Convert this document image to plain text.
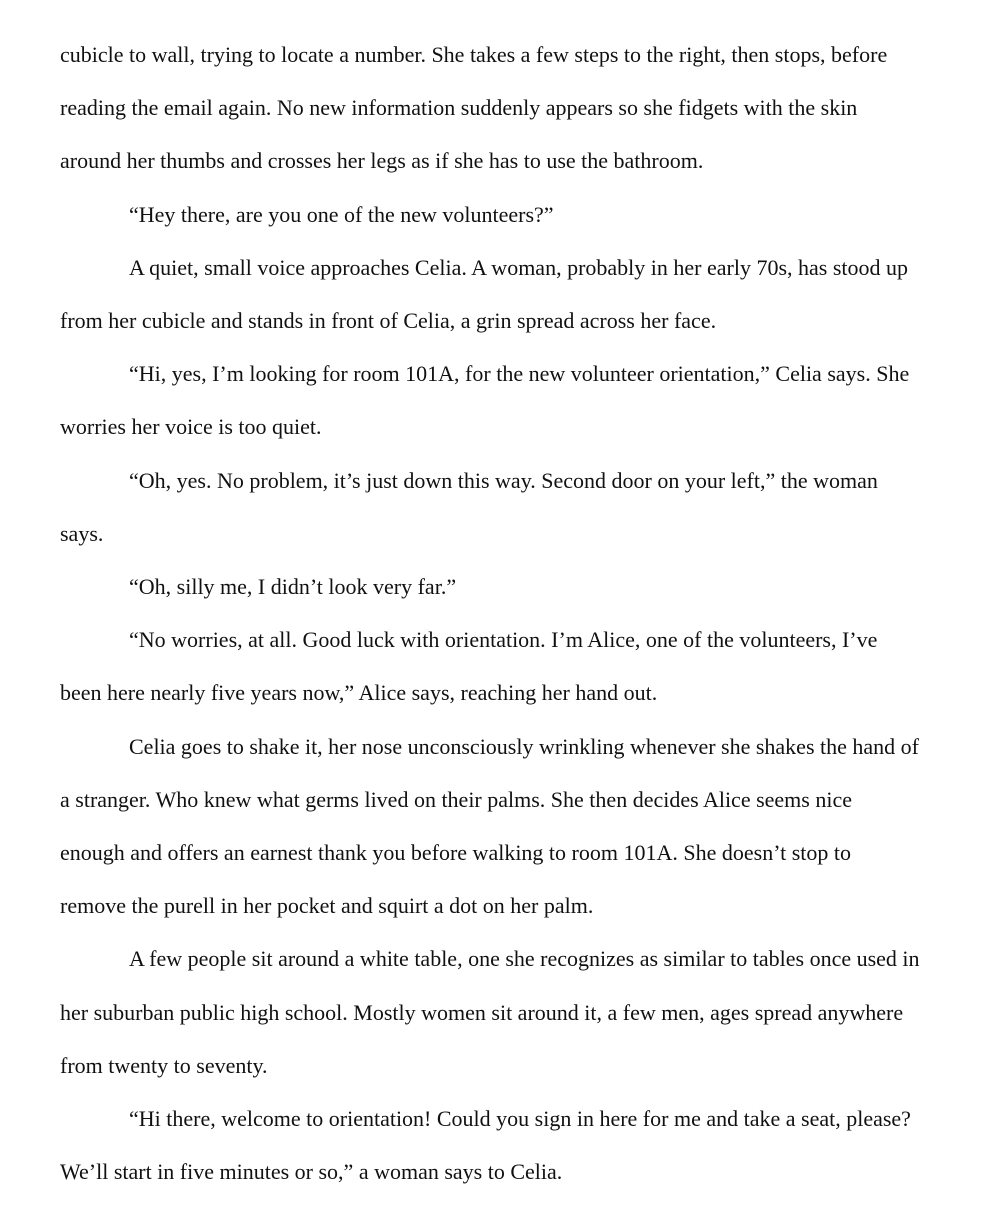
cubicle to wall, trying to locate a number. She takes a few steps to the right, then stops, before
reading the email again. No new information suddenly appears so she fidgets with the skin
around her thumbs and crosses her legs as if she has to use the bathroom.

“Hey there, are you one of the new volunteers?”

A quiet, small voice approaches Celia. A woman, probably in her early 70s, has stood up
from her cubicle and stands in front of Celia, a grin spread across her face.

“Hi, yes, I’m looking for room 101A, for the new volunteer orientation,” Celia says. She
worries her voice is too quiet.

“Oh, yes. No problem, it’s just down this way. Second door on your left,” the woman
says.

“Oh, silly me, I didn’t look very far.”

“No worries, at all. Good luck with orientation. I’m Alice, one of the volunteers, I’ve
been here nearly five years now,” Alice says, reaching her hand out.

Celia goes to shake it, her nose unconsciously wrinkling whenever she shakes the hand of
a stranger. Who knew what germs lived on their palms. She then decides Alice seems nice
enough and offers an earnest thank you before walking to room 101A. She doesn’t stop to
remove the purell in her pocket and squirt a dot on her palm.

A few people sit around a white table, one she recognizes as similar to tables once used in
her suburban public high school. Mostly women sit around it, a few men, ages spread anywhere
from twenty to seventy.

“Hi there, welcome to orientation! Could you sign in here for me and take a seat, please?
We’ll start in five minutes or so,” a woman says to Celia.
